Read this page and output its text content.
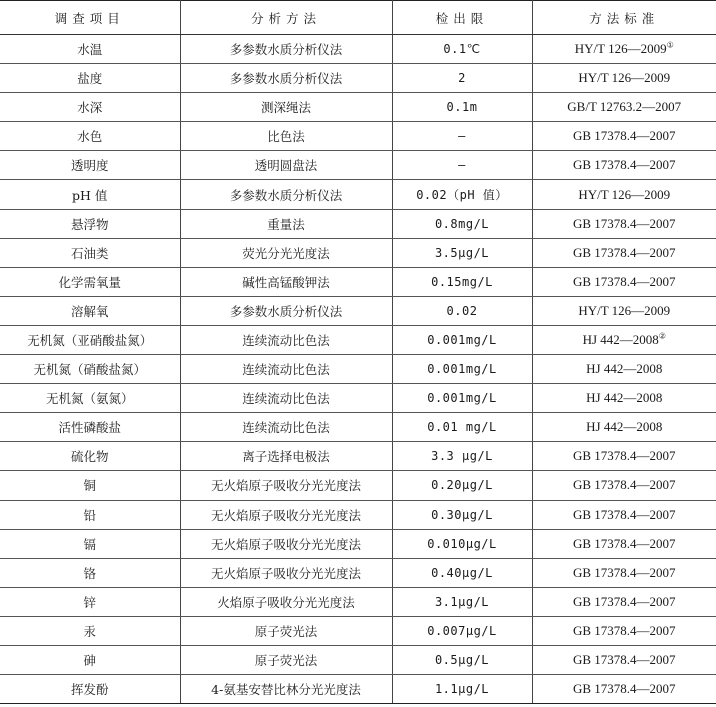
调查项目	分析方法	检出限	方法标准
水温	多参数水质分析仪法	0.1℃	HY/T 126—2009①
盐度	多参数水质分析仪法	2	HY/T 126—2009
水深	测深绳法	0.1m	GB/T 12763.2—2007
水色	比色法	—	GB 17378.4—2007
透明度	透明圆盘法	—	GB 17378.4—2007
pH 值	多参数水质分析仪法	0.02（pH 值）	HY/T 126—2009
悬浮物	重量法	0.8mg/L	GB 17378.4—2007
石油类	荧光分光光度法	3.5μg/L	GB 17378.4—2007
化学需氧量	碱性高锰酸钾法	0.15mg/L	GB 17378.4—2007
溶解氧	多参数水质分析仪法	0.02	HY/T 126—2009
无机氮（亚硝酸盐氮）	连续流动比色法	0.001mg/L	HJ 442—2008②
无机氮（硝酸盐氮）	连续流动比色法	0.001mg/L	HJ 442—2008
无机氮（氨氮）	连续流动比色法	0.001mg/L	HJ 442—2008
活性磷酸盐	连续流动比色法	0.01 mg/L	HJ 442—2008
硫化物	离子选择电极法	3.3 μg/L	GB 17378.4—2007
铜	无火焰原子吸收分光光度法	0.20μg/L	GB 17378.4—2007
铅	无火焰原子吸收分光光度法	0.30μg/L	GB 17378.4—2007
镉	无火焰原子吸收分光光度法	0.010μg/L	GB 17378.4—2007
铬	无火焰原子吸收分光光度法	0.40μg/L	GB 17378.4—2007
锌	火焰原子吸收分光光度法	3.1μg/L	GB 17378.4—2007
汞	原子荧光法	0.007μg/L	GB 17378.4—2007
砷	原子荧光法	0.5μg/L	GB 17378.4—2007
挥发酚	4-氨基安替比林分光光度法	1.1μg/L	GB 17378.4—2007
